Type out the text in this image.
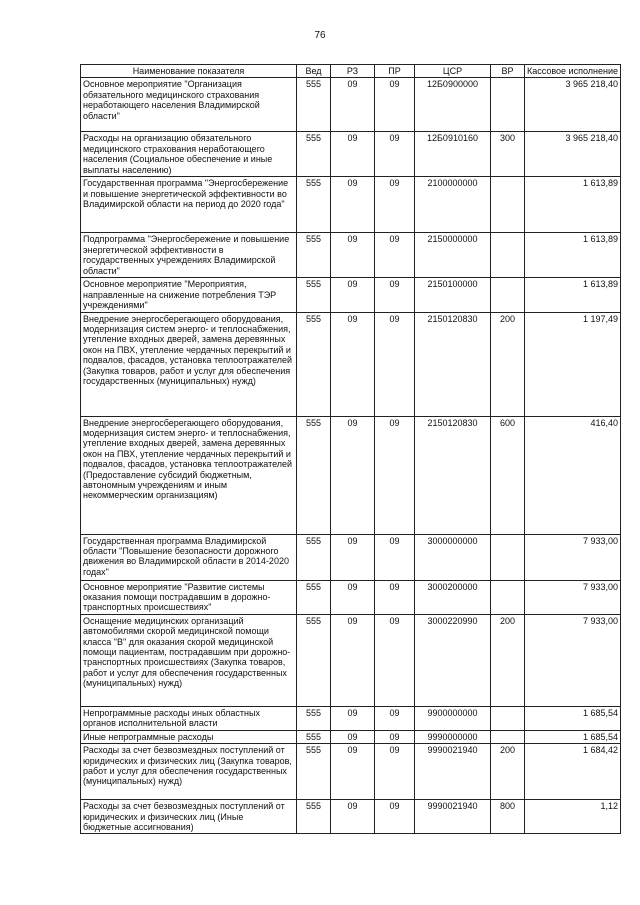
76
Наименование показателя	Вед	РЗ	ПР	ЦСР	ВР	Кассовое исполнение
Основное мероприятие "Организация обязательного медицинского страхования неработающего населения Владимирской области"	555	09	09	12Б0900000		3 965 218,40
Расходы на организацию обязательного медицинского страхования неработающего населения (Социальное обеспечение и иные выплаты населению)	555	09	09	12Б0910160	300	3 965 218,40
Государственная программа "Энергосбережение и повышение энергетической эффективности во Владимирской области на период до 2020 года"	555	09	09	2100000000		1 613,89
Подпрограмма "Энергосбережение и повышение энергетической эффективности в государственных учреждениях Владимирской области"	555	09	09	2150000000		1 613,89
Основное мероприятие "Мероприятия, направленные на снижение потребления ТЭР учреждениями"	555	09	09	2150100000		1 613,89
Внедрение энергосберегающего оборудования, модернизация систем энерго- и теплоснабжения, утепление входных дверей, замена деревянных окон на ПВХ, утепление чердачных перекрытий и подвалов, фасадов, установка теплоотражателей (Закупка товаров, работ и услуг для обеспечения государственных (муниципальных) нужд)	555	09	09	2150120830	200	1 197,49
Внедрение энергосберегающего оборудования, модернизация систем энерго- и теплоснабжения, утепление входных дверей, замена деревянных окон на ПВХ, утепление чердачных перекрытий и подвалов, фасадов, установка теплоотражателей (Предоставление субсидий бюджетным, автономным учреждениям и иным некоммерческим организациям)	555	09	09	2150120830	600	416,40
Государственная программа Владимирской области "Повышение безопасности дорожного движения во Владимирской области в 2014-2020 годах"	555	09	09	3000000000		7 933,00
Основное мероприятие "Развитие системы оказания помощи пострадавшим в дорожно-транспортных происшествиях"	555	09	09	3000200000		7 933,00
Оснащение медицинских организаций автомобилями скорой медицинской помощи класса "В" для оказания скорой медицинской помощи пациентам, пострадавшим при дорожно-транспортных происшествиях (Закупка товаров, работ и услуг для обеспечения государственных (муниципальных) нужд)	555	09	09	3000220990	200	7 933,00
Непрограммные расходы иных областных органов исполнительной власти	555	09	09	9900000000		1 685,54
Иные непрограммные расходы	555	09	09	9990000000		1 685,54
Расходы за счет безвозмездных поступлений от юридических и физических лиц (Закупка товаров, работ и услуг для обеспечения государственных (муниципальных) нужд)	555	09	09	9990021940	200	1 684,42
Расходы за счет безвозмездных поступлений от юридических и физических лиц (Иные бюджетные ассигнования)	555	09	09	9990021940	800	1,12
